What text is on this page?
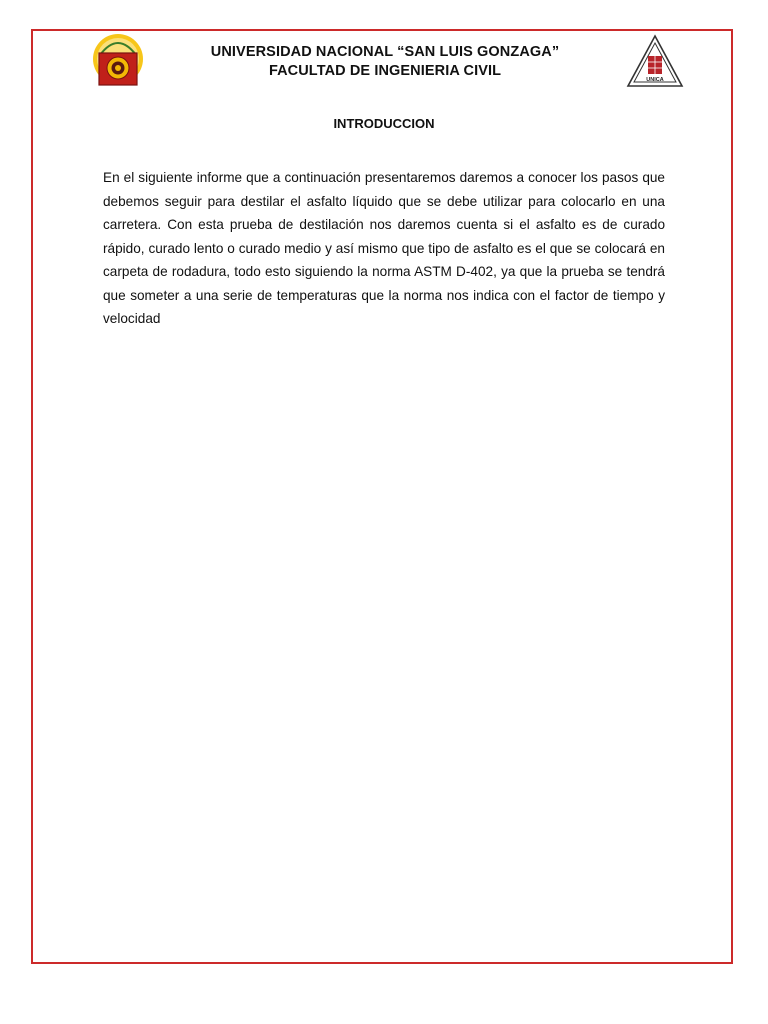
UNICA
UNIVERSIDAD NACIONAL “SAN LUIS GONZAGA”
FACULTAD DE INGENIERIA CIVIL
INTRODUCCION
En el siguiente informe que a continuación presentaremos daremos a conocer los pasos que debemos seguir para destilar el asfalto líquido que se debe utilizar para colocarlo en una carretera. Con esta prueba de destilación nos daremos cuenta si el asfalto es de curado rápido, curado lento o curado medio y así mismo que tipo de asfalto es el que se colocará en carpeta de rodadura, todo esto siguiendo la norma ASTM D-402, ya que la prueba se tendrá que someter a una serie de temperaturas que la norma nos indica con el factor de tiempo y velocidad
